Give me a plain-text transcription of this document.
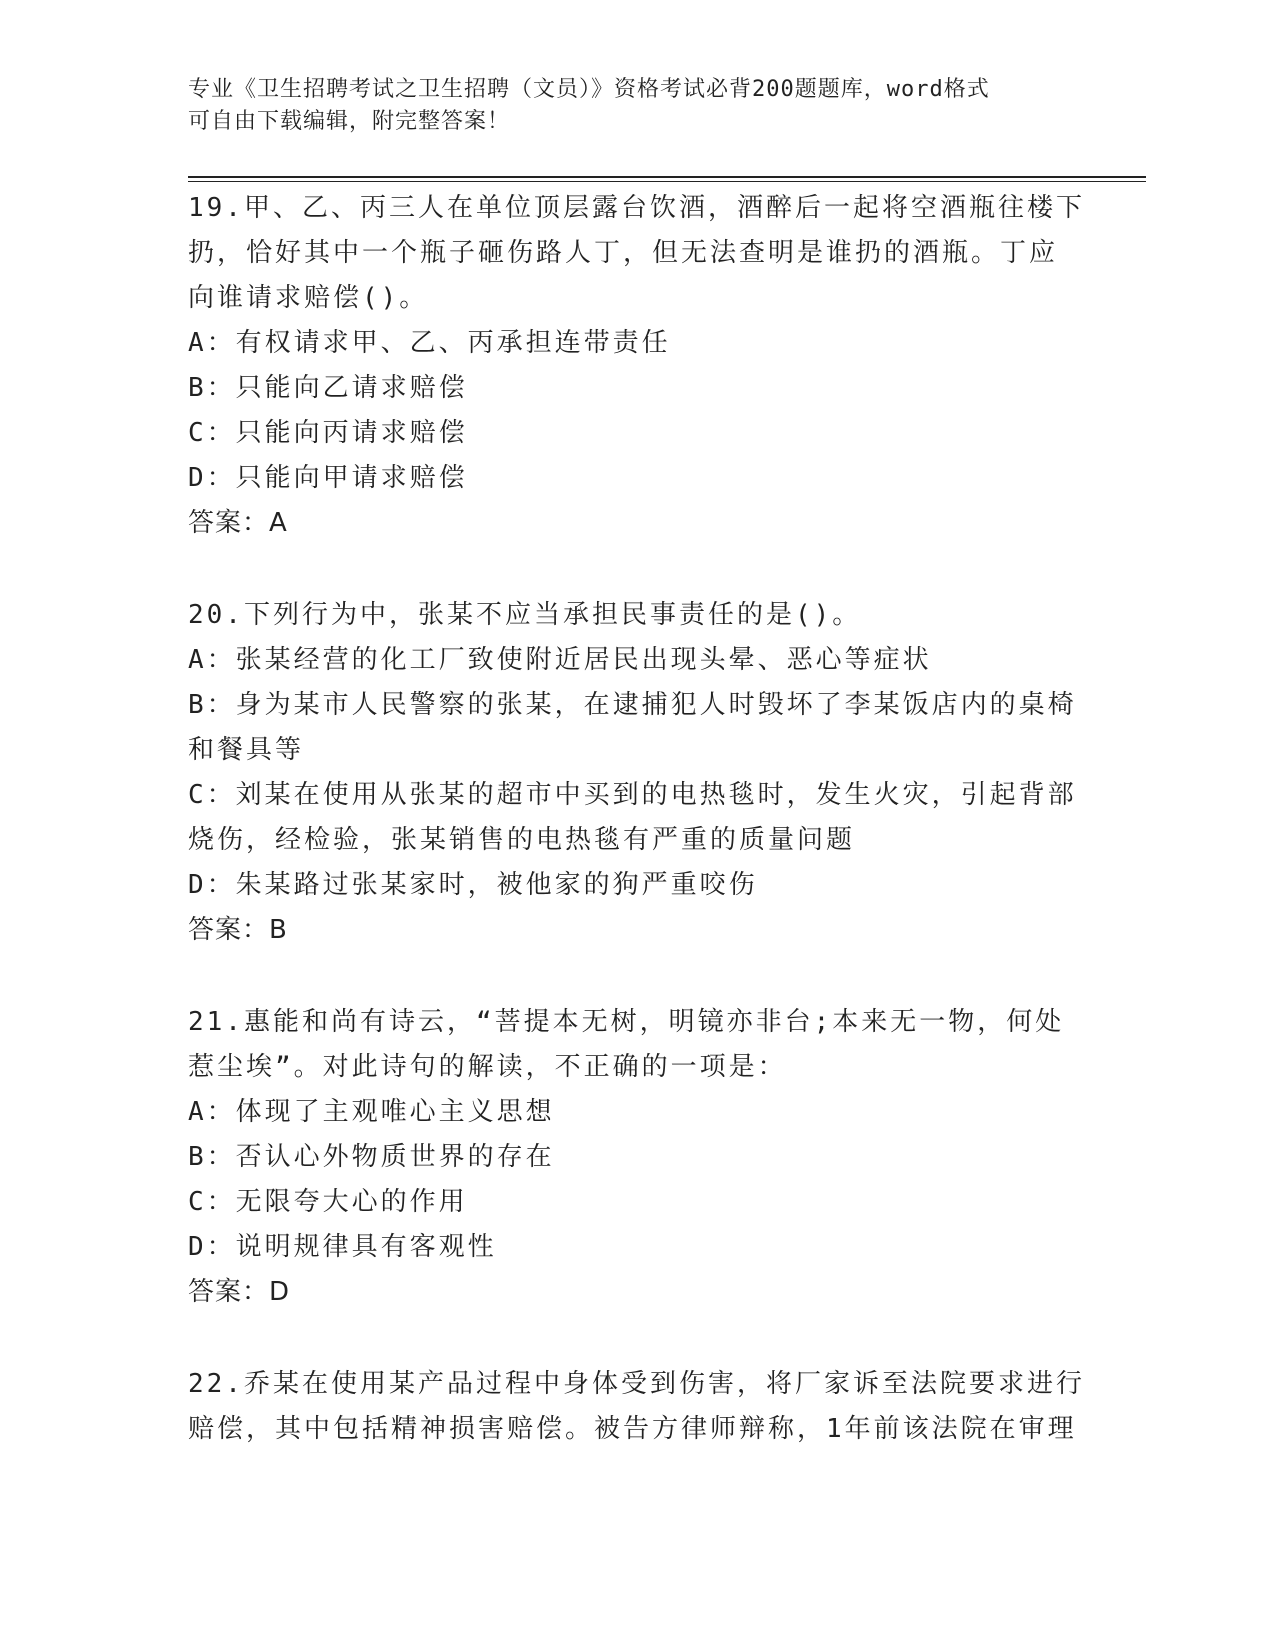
专业《卫生招聘考试之卫生招聘（文员）》资格考试必背200题题库，word格式
可自由下载编辑，附完整答案！
19.甲、乙、丙三人在单位顶层露台饮酒，酒醉后一起将空酒瓶往楼下
扔，恰好其中一个瓶子砸伤路人丁，但无法查明是谁扔的酒瓶。丁应
向谁请求赔偿()。
A：有权请求甲、乙、丙承担连带责任
B：只能向乙请求赔偿
C：只能向丙请求赔偿
D：只能向甲请求赔偿
答案：A
20.下列行为中，张某不应当承担民事责任的是()。
A：张某经营的化工厂致使附近居民出现头晕、恶心等症状
B：身为某市人民警察的张某，在逮捕犯人时毁坏了李某饭店内的桌椅
和餐具等
C：刘某在使用从张某的超市中买到的电热毯时，发生火灾，引起背部
烧伤，经检验，张某销售的电热毯有严重的质量问题
D：朱某路过张某家时，被他家的狗严重咬伤
答案：B
21.惠能和尚有诗云，“菩提本无树，明镜亦非台;本来无一物，何处
惹尘埃”。对此诗句的解读，不正确的一项是：
A：体现了主观唯心主义思想
B：否认心外物质世界的存在
C：无限夸大心的作用
D：说明规律具有客观性
答案：D
22.乔某在使用某产品过程中身体受到伤害，将厂家诉至法院要求进行
赔偿，其中包括精神损害赔偿。被告方律师辩称，1年前该法院在审理
